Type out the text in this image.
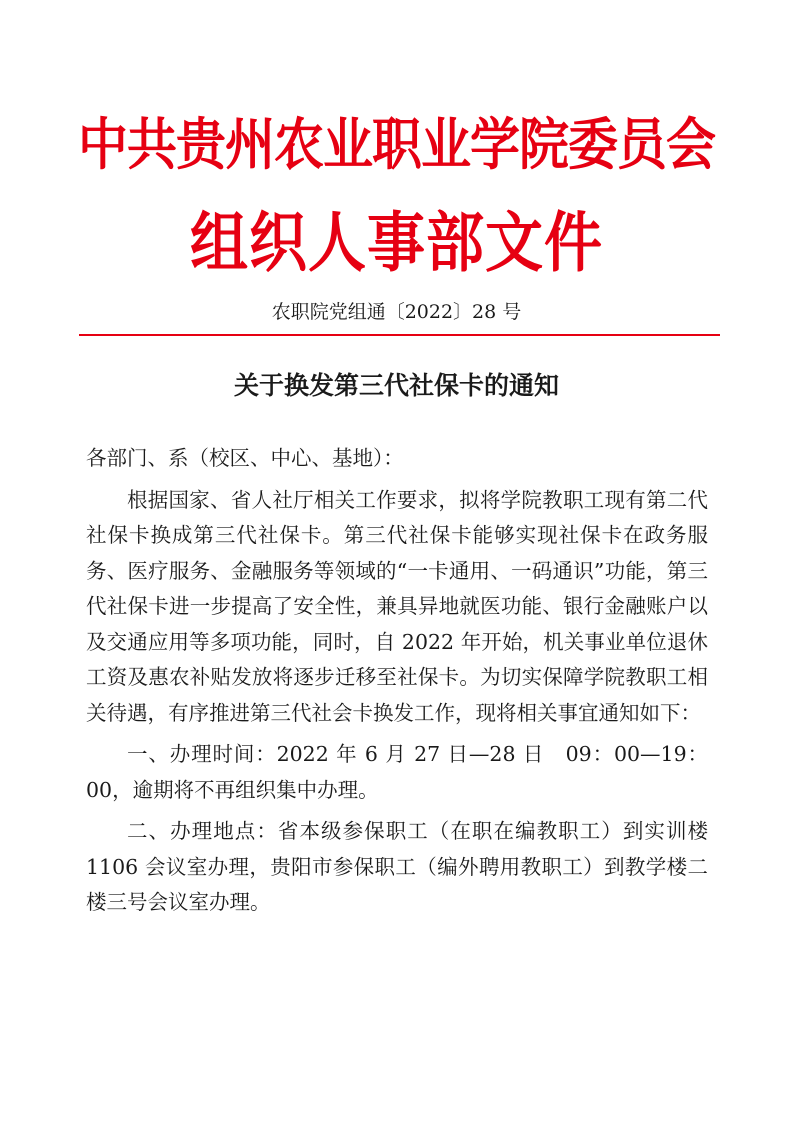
中共贵州农业职业学院委员会
组织人事部文件
农职院党组通〔2022〕28 号
关于换发第三代社保卡的通知

各部门、系（校区、中心、基地）：

根据国家、省人社厅相关工作要求，拟将学院教职工现有第二代社保卡换成第三代社保卡。第三代社保卡能够实现社保卡在政务服务、医疗服务、金融服务等领域的“一卡通用、一码通识”功能，第三代社保卡进一步提高了安全性，兼具异地就医功能、银行金融账户以及交通应用等多项功能，同时，自 2022 年开始，机关事业单位退休工资及惠农补贴发放将逐步迁移至社保卡。为切实保障学院教职工相关待遇，有序推进第三代社会卡换发工作，现将相关事宜通知如下：

一、办理时间：2022 年 6 月 27 日—28 日　09：00—19：00，逾期将不再组织集中办理。

二、办理地点：省本级参保职工（在职在编教职工）到实训楼 1106 会议室办理，贵阳市参保职工（编外聘用教职工）到教学楼二楼三号会议室办理。
